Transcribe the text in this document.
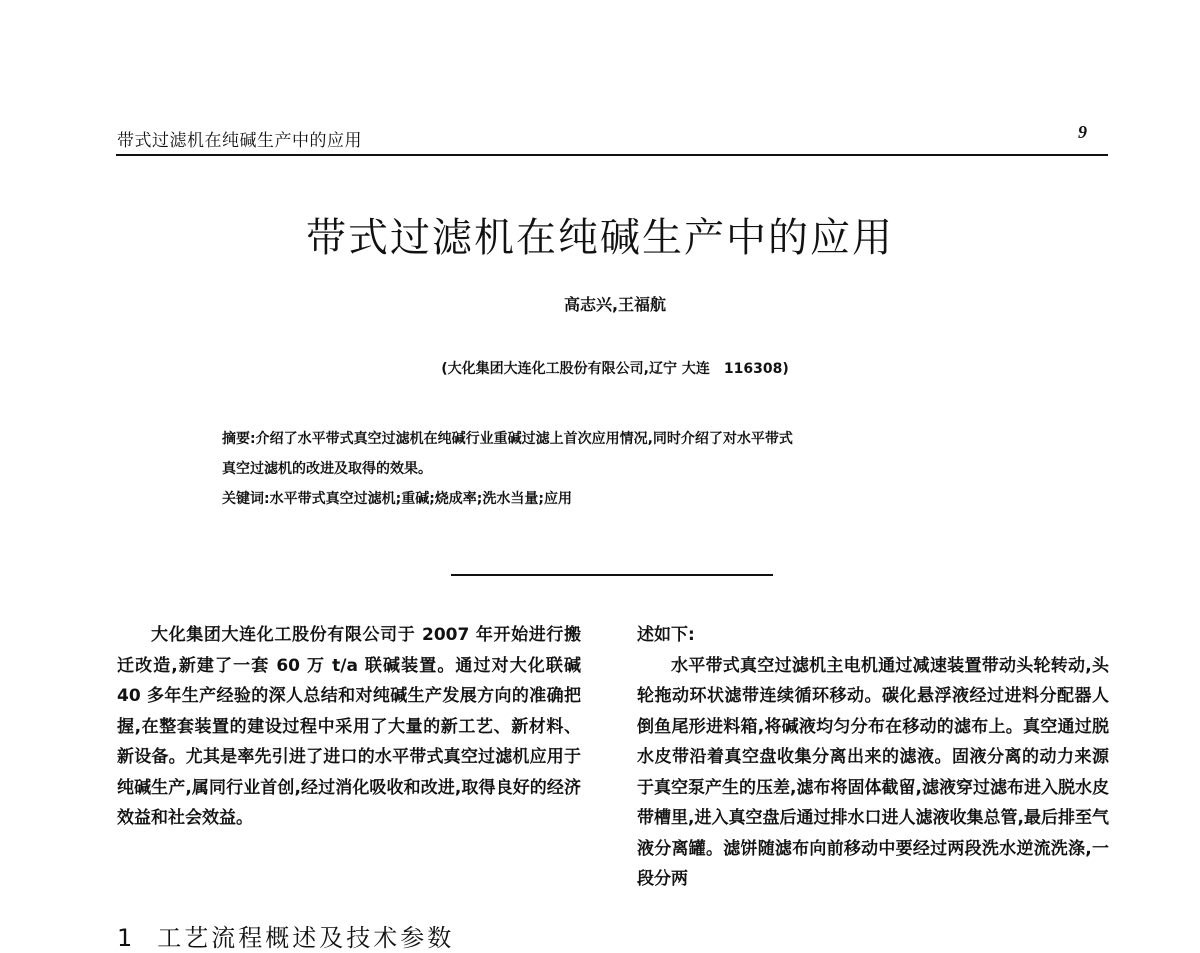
带式过滤机在纯碱生产中的应用	9
带式过滤机在纯碱生产中的应用
高志兴,王福航
(大化集团大连化工股份有限公司,辽宁 大连　116308)

摘要:介绍了水平带式真空过滤机在纯碱行业重碱过滤上首次应用情况,同时介绍了对水平带式

真空过滤机的改进及取得的效果。

关键词:水平带式真空过滤机;重碱;烧成率;洗水当量;应用

大化集团大连化工股份有限公司于 2007 年开始进行搬迁改造,新建了一套 60 万 t/a 联碱装置。通过对大化联碱 40 多年生产经验的深人总结和对纯碱生产发展方向的准确把握,在整套装置的建设过程中采用了大量的新工艺、新材料、新设备。尤其是率先引进了进口的水平带式真空过滤机应用于纯碱生产,属同行业首创,经过消化吸收和改进,取得良好的经济效益和社会效益。

1 工艺流程概述及技术参数

述如下:

水平带式真空过滤机主电机通过减速装置带动头轮转动,头轮拖动环状滤带连续循环移动。碳化悬浮液经过进料分配器人倒鱼尾形进料箱,将碱液均匀分布在移动的滤布上。真空通过脱水皮带沿着真空盘收集分离出来的滤液。固液分离的动力来源于真空泵产生的压差,滤布将固体截留,滤液穿过滤布进入脱水皮带槽里,进入真空盘后通过排水口进人滤液收集总管,最后排至气液分离罐。滤饼随滤布向前移动中要经过两段洗水逆流洗涤,一段分两
